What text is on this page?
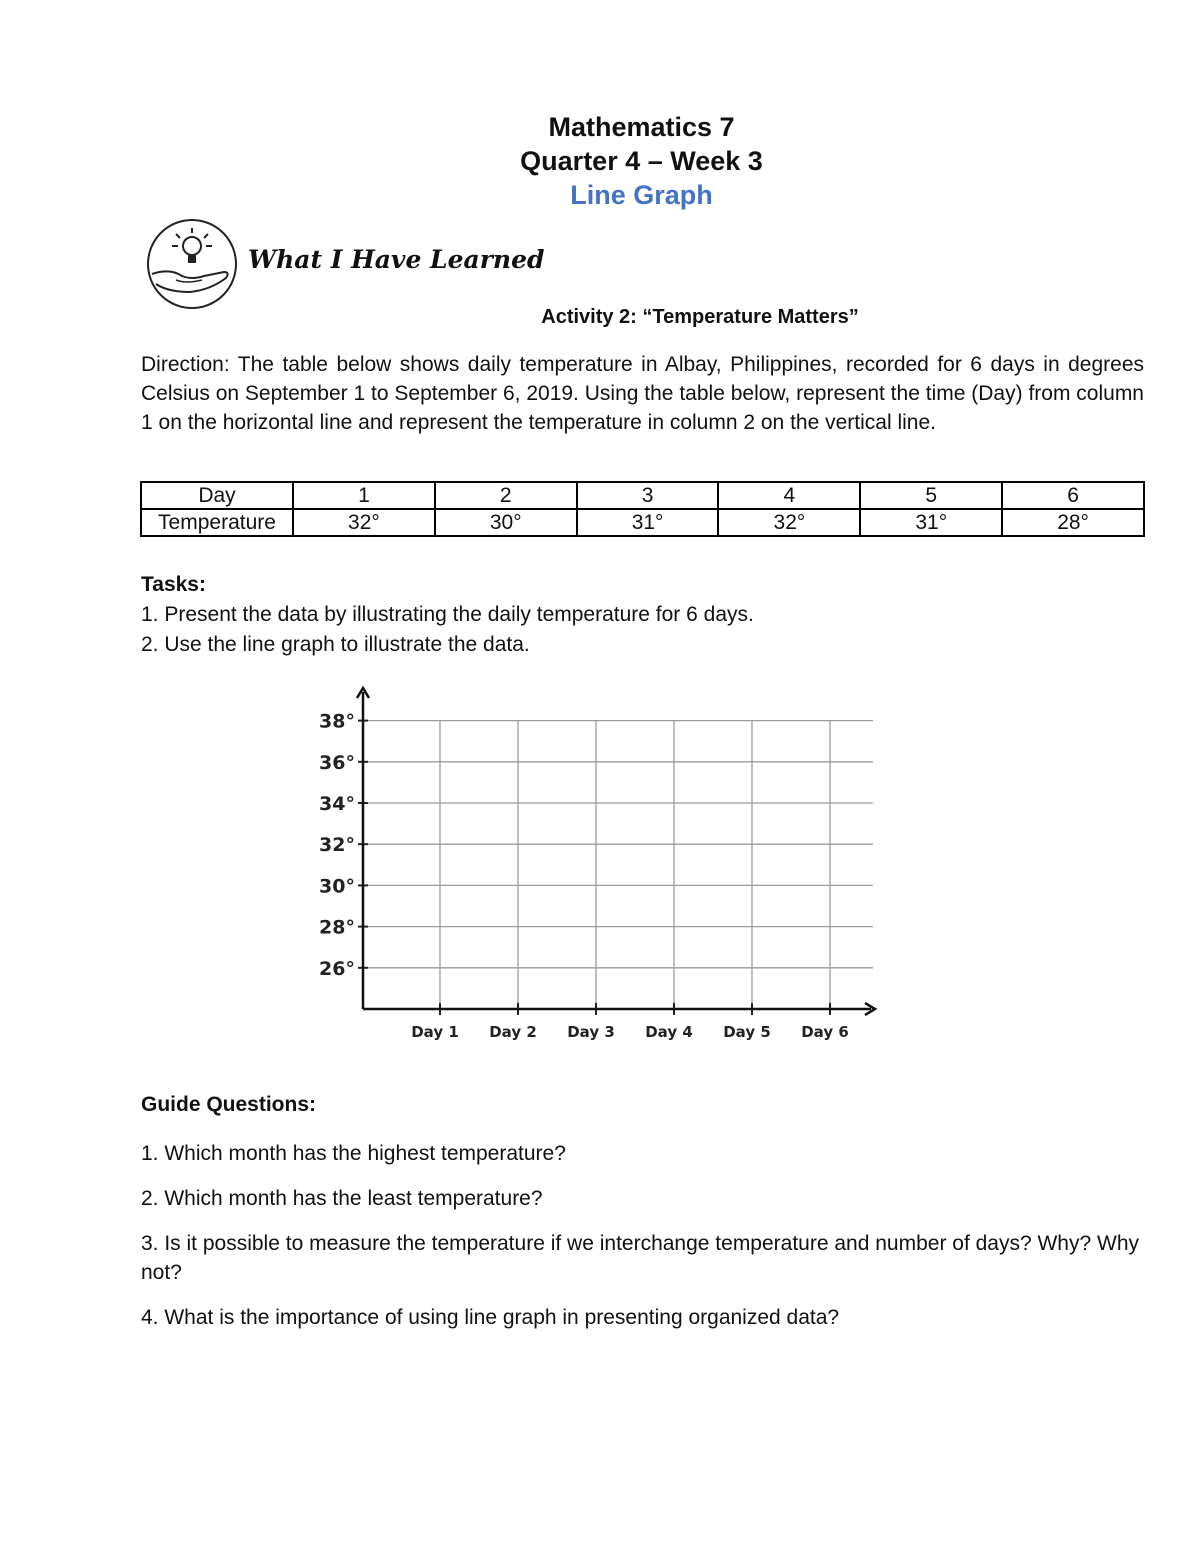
Mathematics 7
Quarter 4 – Week 3
Line Graph
What I Have Learned
Activity 2: “Temperature Matters”

Direction: The table below shows daily temperature in Albay, Philippines, recorded for 6 days in degrees Celsius on September 1 to September 6, 2019. Using the table below, represent the time (Day) from column 1 on the horizontal line and represent the temperature in column 2 on the vertical line.

Day	1	2	3	4	5	6
Temperature	32°	30°	31°	32°	31°	28°
Tasks:
1. Present the data by illustrating the daily temperature for 6 days.
2. Use the line graph to illustrate the data.
38°
36°
34°
32°
30°
28°
26°
Day 1 Day 2 Day 3 Day 4 Day 5 Day 6
Guide Questions:
1. Which month has the highest temperature?
2. Which month has the least temperature?
3. Is it possible to measure the temperature if we interchange temperature and number of days? Why? Why not?
4. What is the importance of using line graph in presenting organized data?
